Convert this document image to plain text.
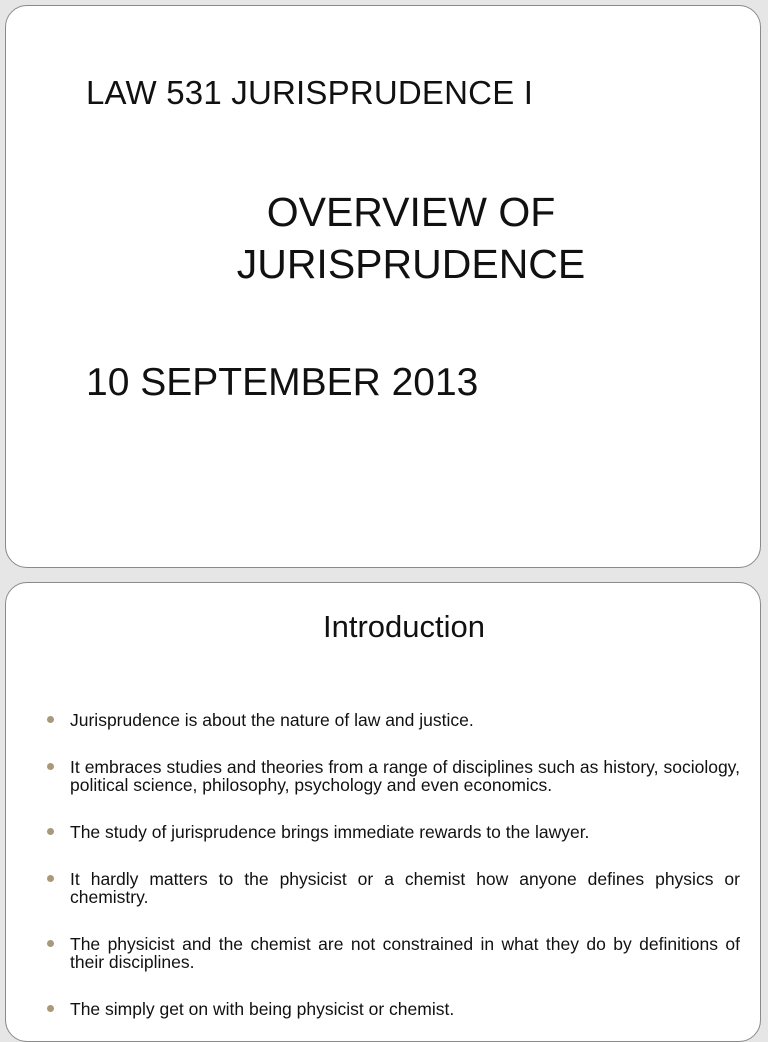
LAW 531 JURISPRUDENCE I
OVERVIEW OF
JURISPRUDENCE
10 SEPTEMBER 2013
Introduction
Jurisprudence is about the nature of law and justice.
It embraces studies and theories from a range of disciplines such as history, sociology, political science, philosophy, psychology and even economics.
The study of jurisprudence brings immediate rewards to the lawyer.
It hardly matters to the physicist or a chemist how anyone defines physics or chemistry.
The physicist and the chemist are not constrained in what they do by definitions of their disciplines.
The simply get on with being physicist or chemist.
